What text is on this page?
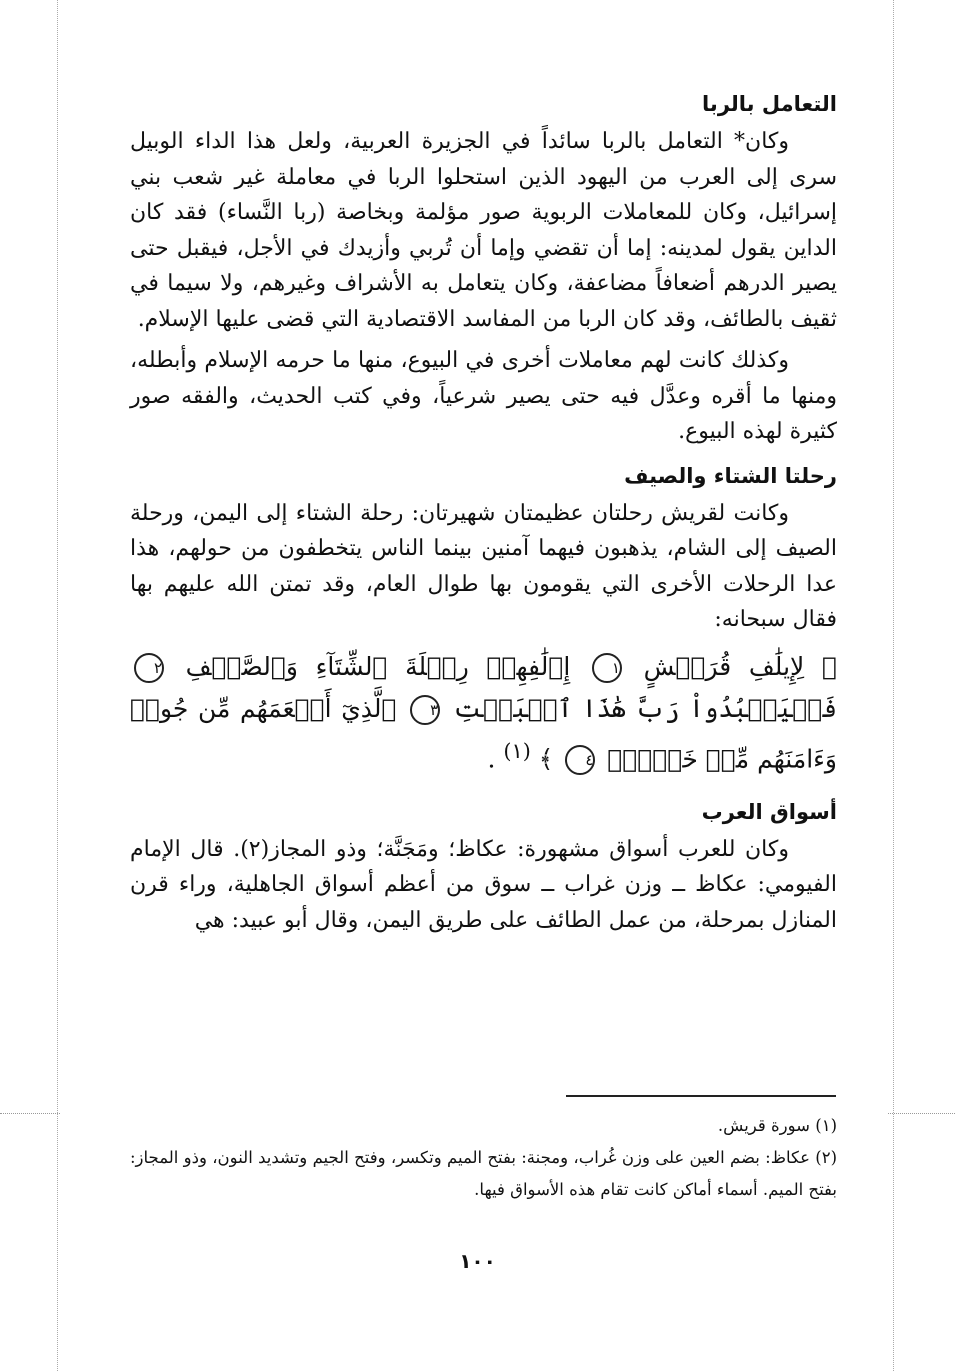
التعامل بالربا

وكان* التعامل بالربا سائداً في الجزيرة العربية، ولعل هذا الداء الوبيل سرى إلى العرب من اليهود الذين استحلوا الربا في معاملة غير شعب بني إسرائيل، وكان للمعاملات الربوية صور مؤلمة وبخاصة (ربا النَّساء) فقد كان الداين يقول لمدينه: إما أن تقضي وإما أن تُربي وأزيدك في الأجل، فيقبل حتى يصير الدرهم أضعافاً مضاعفة، وكان يتعامل به الأشراف وغيرهم، ولا سيما في ثقيف بالطائف، وقد كان الربا من المفاسد الاقتصادية التي قضى عليها الإسلام.

وكذلك كانت لهم معاملات أخرى في البيوع، منها ما حرمه الإسلام وأبطله، ومنها ما أقره وعدَّل فيه حتى يصير شرعياً، وفي كتب الحديث، والفقه صور كثيرة لهذه البيوع.

رحلتا الشتاء والصيف

وكانت لقريش رحلتان عظيمتان شهيرتان: رحلة الشتاء إلى اليمن، ورحلة الصيف إلى الشام، يذهبون فيهما آمنين بينما الناس يتخطفون من حولهم، هذا عدا الرحلات الأخرى التي يقومون بها طوال العام، وقد تمتن الله عليهم بها فقال سبحانه:

﴿ لِإِيلَٰفِ قُرَيۡشٍ ١ إِۦلَٰفِهِمۡ رِحۡلَةَ ٱلشِّتَآءِ وَٱلصَّيۡفِ ٢ فَلۡيَعۡبُدُواْ رَبَّ هَٰذَا ٱلۡبَيۡتِ ٣ ٱلَّذِيٓ أَطۡعَمَهُم مِّن جُوعٖ وَءَامَنَهُم مِّنۡ خَوۡفِۭ ٤ ﴾ $^{(١)}$ .

أسواق العرب

وكان للعرب أسواق مشهورة: عكاظ؛ ومَجَنَّة؛ وذو المجاز(٢). قال الإمام الفيومي: عكاظ ــ وزن غراب ــ سوق من أعظم أسواق الجاهلية، وراء قرن المنازل بمرحلة، من عمل الطائف على طريق اليمن، وقال أبو عبيد: هي

(١) سورة قريش.

(٢) عكاظ: بضم العين على وزن غُراب، ومجنة: بفتح الميم وتكسر، وفتح الجيم وتشديد النون، وذو المجاز: بفتح الميم. أسماء أماكن كانت تقام هذه الأسواق فيها.

١٠٠
